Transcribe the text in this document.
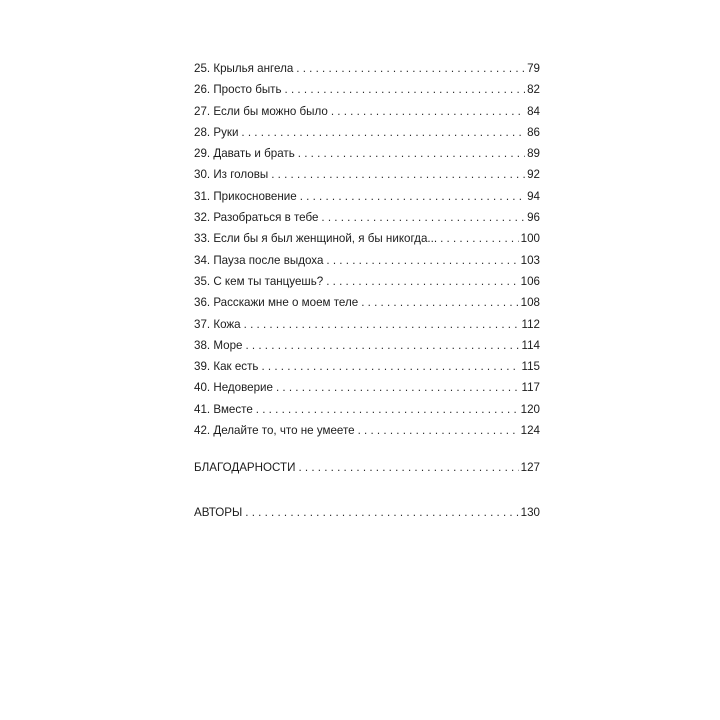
25. Крылья ангела . . .	79
26. Просто быть . . .	82
27. Если бы можно было . . .	84
28. Руки . . .	86
29. Давать и брать . . .	89
30. Из головы . . .	92
31. Прикосновение . . .	94
32. Разобраться в тебе . . .	96
33. Если бы я был женщиной, я бы никогда... . . .	100
34. Пауза после выдоха . . .	103
35. С кем ты танцуешь? . . .	106
36. Расскажи мне о моем теле . . .	108
37. Кожа . . .	112
38. Море . . .	114
39. Как есть . . .	115
40. Недоверие . . .	117
41. Вместе . . .	120
42. Делайте то, что не умеете . . .	124
БЛАГОДАРНОСТИ . . .	127
АВТОРЫ . . .	130
